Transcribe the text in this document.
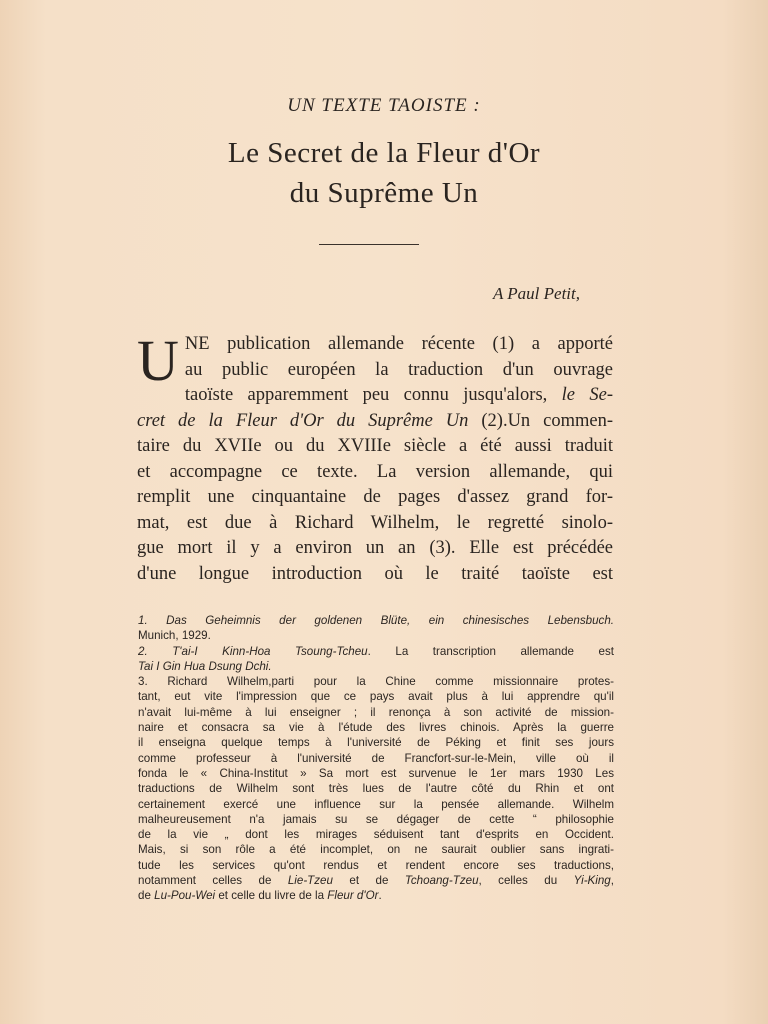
UN TEXTE TAOISTE :
Le Secret de la Fleur d'Or
du Suprême Un
A Paul Petit,
U NE publication allemande récente (1) a apporté
au public européen la traduction d'un ouvrage
taoïste apparemment peu connu jusqu'alors, le Se-
cret de la Fleur d'Or du Suprême Un (2).Un commen-
taire du XVIIe ou du XVIIIe siècle a été aussi traduit
et accompagne ce texte. La version allemande, qui
remplit une cinquantaine de pages d'assez grand for-
mat, est due à Richard Wilhelm, le regretté sinolo-
gue mort il y a environ un an (3). Elle est précédée
d'une longue introduction où le traité taoïste est

1. Das Geheimnis der goldenen Blüte, ein chinesisches Lebensbuch.
Munich, 1929.

2. T'ai-I Kinn-Hoa Tsoung-Tcheu. La transcription allemande est
Tai I Gin Hua Dsung Dchi.

3. Richard Wilhelm,parti pour la Chine comme missionnaire protes-
tant, eut vite l'impression que ce pays avait plus à lui apprendre qu'il
n'avait lui-même à lui enseigner ; il renonça à son activité de mission-
naire et consacra sa vie à l'étude des livres chinois. Après la guerre
il enseigna quelque temps à l'université de Péking et finit ses jours
comme professeur à l'université de Francfort-sur-le-Mein, ville où il
fonda le « China-Institut » Sa mort est survenue le 1er mars 1930 Les
traductions de Wilhelm sont très lues de l'autre côté du Rhin et ont
certainement exercé une influence sur la pensée allemande. Wilhelm
malheureusement n'a jamais su se dégager de cette “ philosophie
de la vie „ dont les mirages séduisent tant d'esprits en Occident.
Mais, si son rôle a été incomplet, on ne saurait oublier sans ingrati-
tude les services qu'ont rendus et rendent encore ses traductions,
notamment celles de Lie-Tzeu et de Tchoang-Tzeu, celles du Yi-King,
de Lu-Pou-Wei et celle du livre de la Fleur d'Or.
